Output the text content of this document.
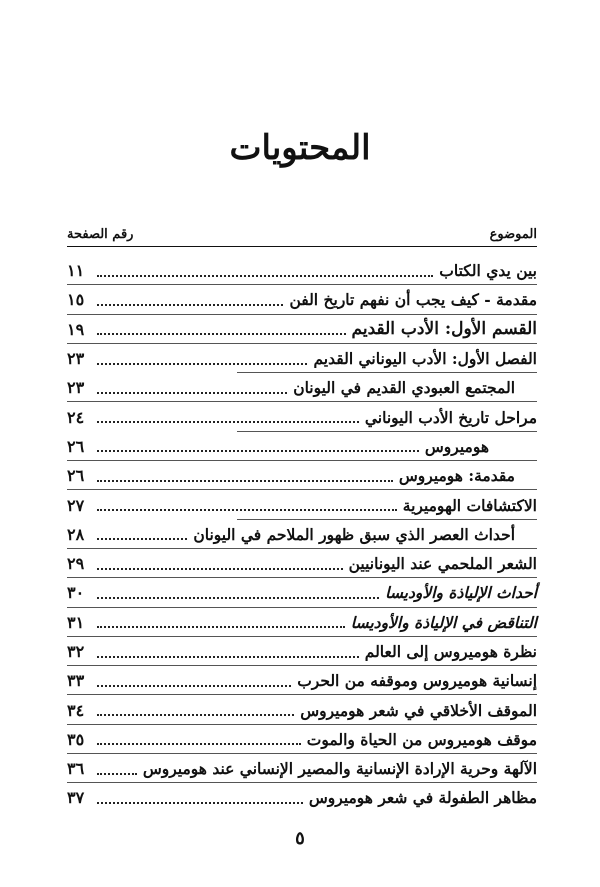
المحتويات
الموضوع
رقم الصفحة
بين يدي الكتاب
١١
مقدمة - كيف يجب أن نفهم تاريخ الفن
١٥
القسم الأول: الأدب القديم
١٩
الفصل الأول: الأدب اليوناني القديم
٢٣
المجتمع العبودي القديم في اليونان
٢٣
مراحل تاريخ الأدب اليوناني
٢٤
هوميروس
٢٦
مقدمة: هوميروس
٢٦
الاكتشافات الهوميرية
٢٧
أحداث العصر الذي سبق ظهور الملاحم في اليونان
٢٨
الشعر الملحمي عند اليونانيين
٢٩
أحداث الإلياذة والأوديسا
٣٠
التناقض في الإلياذة والأوديسا
٣١
نظرة هوميروس إلى العالم
٣٢
إنسانية هوميروس وموقفه من الحرب
٣٣
الموقف الأخلاقي في شعر هوميروس
٣٤
موقف هوميروس من الحياة والموت
٣٥
الآلهة وحرية الإرادة الإنسانية والمصير الإنساني عند هوميروس
٣٦
مظاهر الطفولة في شعر هوميروس
٣٧
٥
